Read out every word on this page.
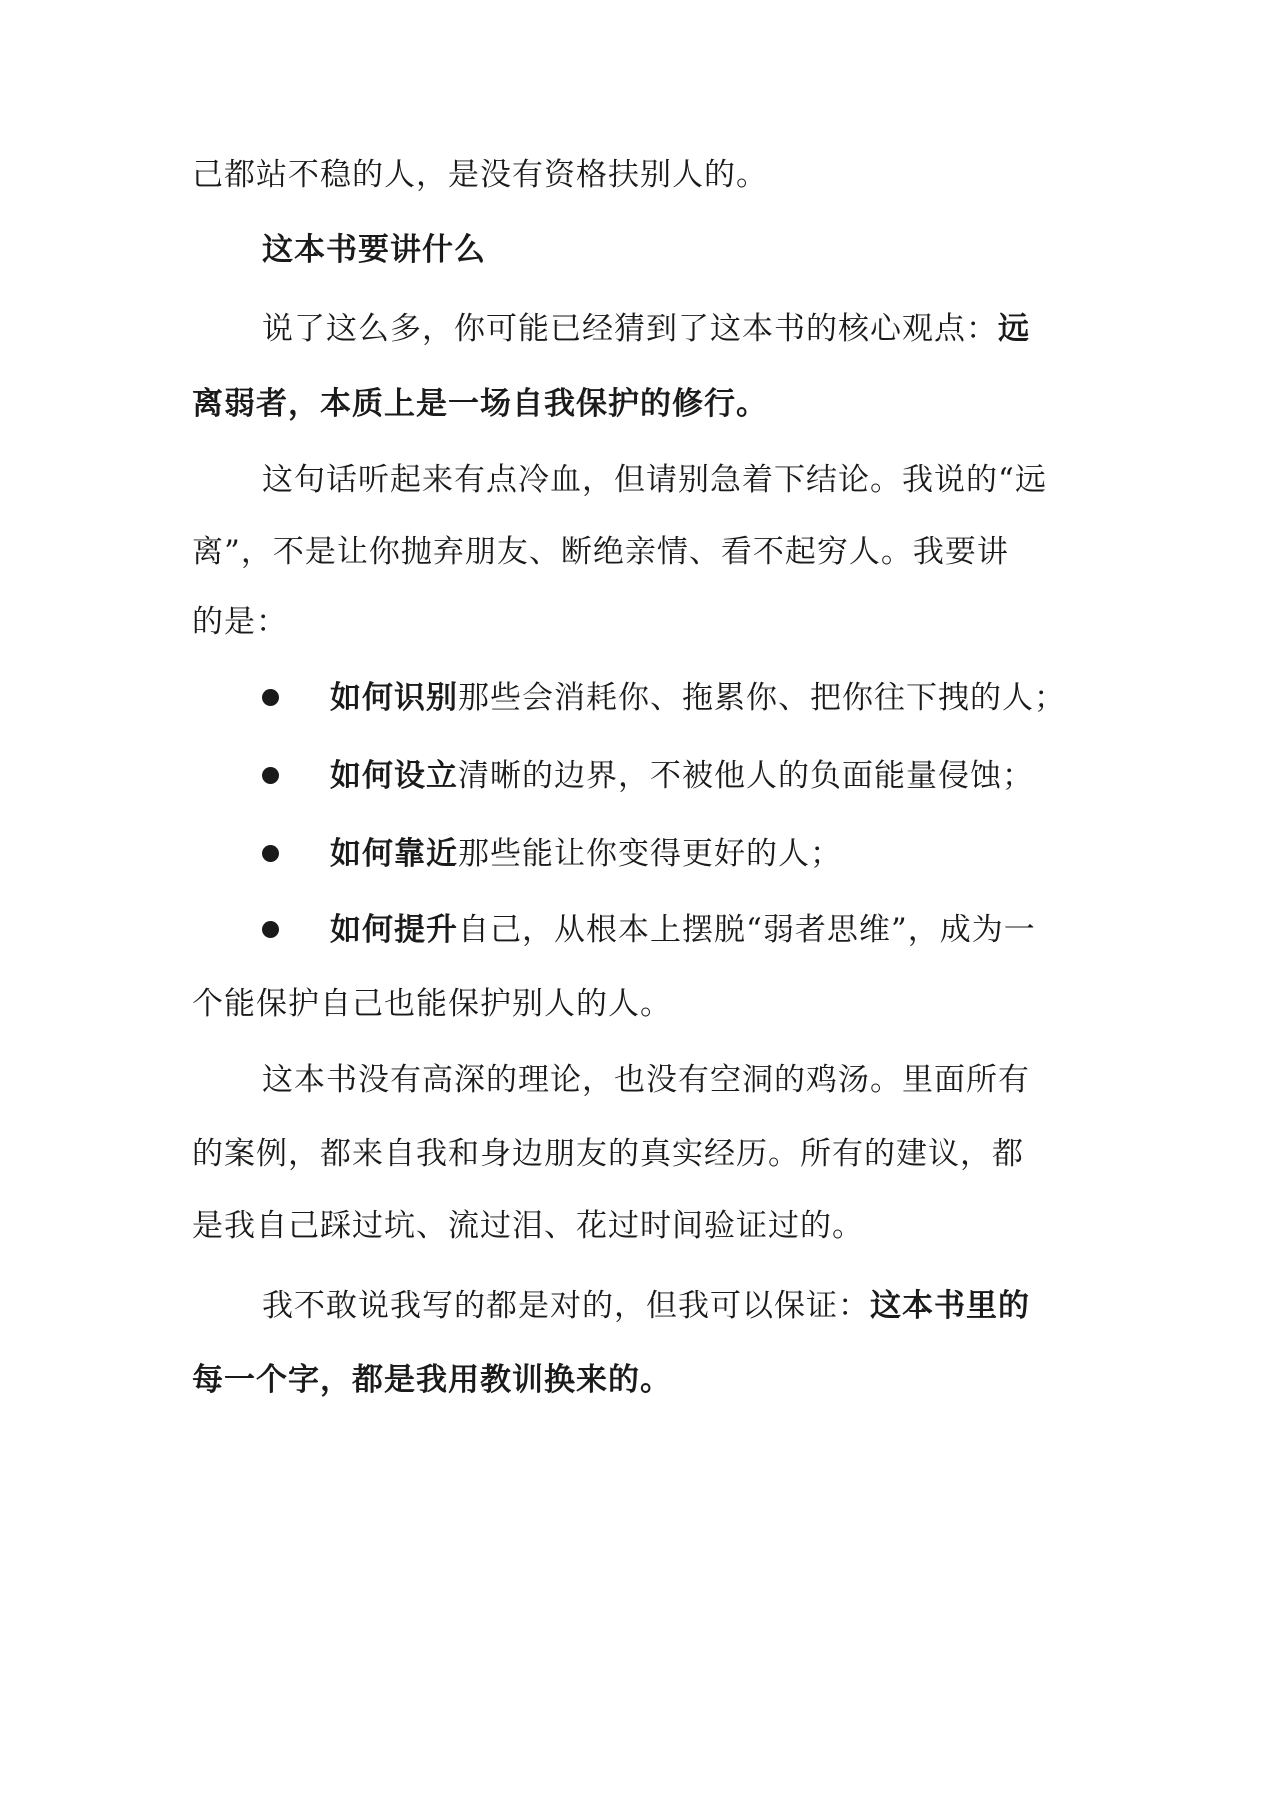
己都站不稳的人，是没有资格扶别人的。
这本书要讲什么
说了这么多，你可能已经猜到了这本书的核心观点：远
离弱者，本质上是一场自我保护的修行。
这句话听起来有点冷血，但请别急着下结论。我说的“远
离”，不是让你抛弃朋友、断绝亲情、看不起穷人。我要讲
的是：
如何识别那些会消耗你、拖累你、把你往下拽的人；
如何设立清晰的边界，不被他人的负面能量侵蚀；
如何靠近那些能让你变得更好的人；
如何提升自己，从根本上摆脱“弱者思维”，成为一
个能保护自己也能保护别人的人。
这本书没有高深的理论，也没有空洞的鸡汤。里面所有
的案例，都来自我和身边朋友的真实经历。所有的建议，都
是我自己踩过坑、流过泪、花过时间验证过的。
我不敢说我写的都是对的，但我可以保证：这本书里的
每一个字，都是我用教训换来的。
